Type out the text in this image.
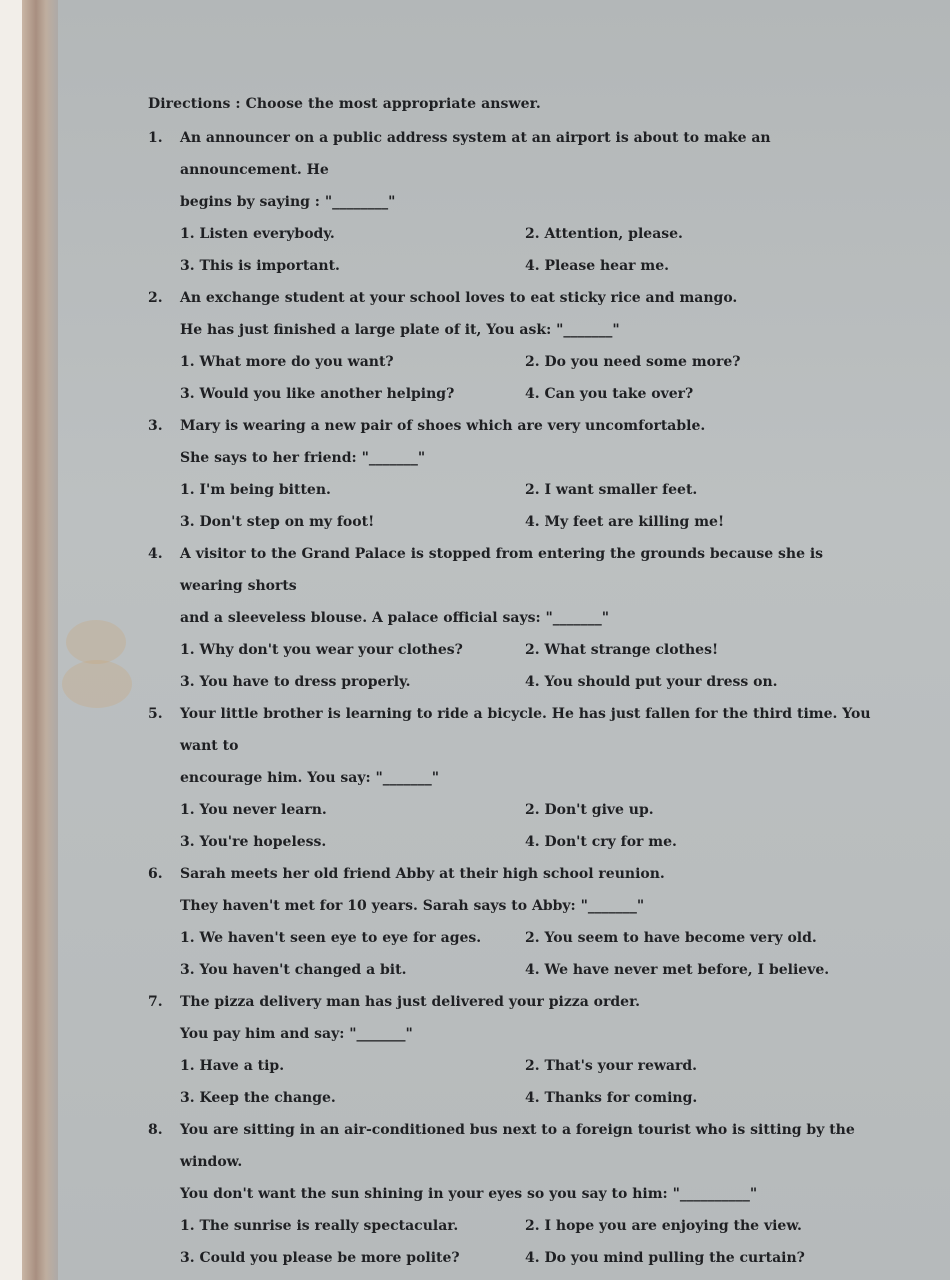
Directions : Choose the most appropriate answer.
1.	An announcer on a public address system at an airport is about to make an announcement. He
begins by saying : "________"
1. Listen everybody.	2. Attention, please.
3. This is important.	4. Please hear me.
2.	An exchange student at your school loves to eat sticky rice and mango.
He has just finished a large plate of it, You ask: "_______"
1. What more do you want?	2. Do you need some more?
3. Would you like another helping?	4. Can you take over?
3.	Mary is wearing a new pair of shoes which are very uncomfortable.
She says to her friend: "_______"
1. I'm being bitten.	2. I want smaller feet.
3. Don't step on my foot!	4. My feet are killing me!
4.	A visitor to the Grand Palace is stopped from entering the grounds because she is wearing shorts
and a sleeveless blouse. A palace official says: "_______"
1. Why don't you wear your clothes?	2. What strange clothes!
3. You have to dress properly.	4. You should put your dress on.
5.	Your little brother is learning to ride a bicycle. He has just fallen for the third time. You want to
encourage him. You say: "_______"
1. You never learn.	2. Don't give up.
3. You're hopeless.	4. Don't cry for me.
6.	Sarah meets her old friend Abby at their high school reunion.
They haven't met for 10 years. Sarah says to Abby: "_______"
1. We haven't seen eye to eye for ages.	2. You seem to have become very old.
3. You haven't changed a bit.	4. We have never met before, I believe.
7.	The pizza delivery man has just delivered your pizza order.
You pay him and say: "_______"
1. Have a tip.	2. That's your reward.
3. Keep the change.	4. Thanks for coming.
8.	You are sitting in an air-conditioned bus next to a foreign tourist who is sitting by the window.
You don't want the sun shining in your eyes so you say to him: "__________"
1. The sunrise is really spectacular.	2. I hope you are enjoying the view.
3. Could you please be more polite?	4. Do you mind pulling the curtain?
